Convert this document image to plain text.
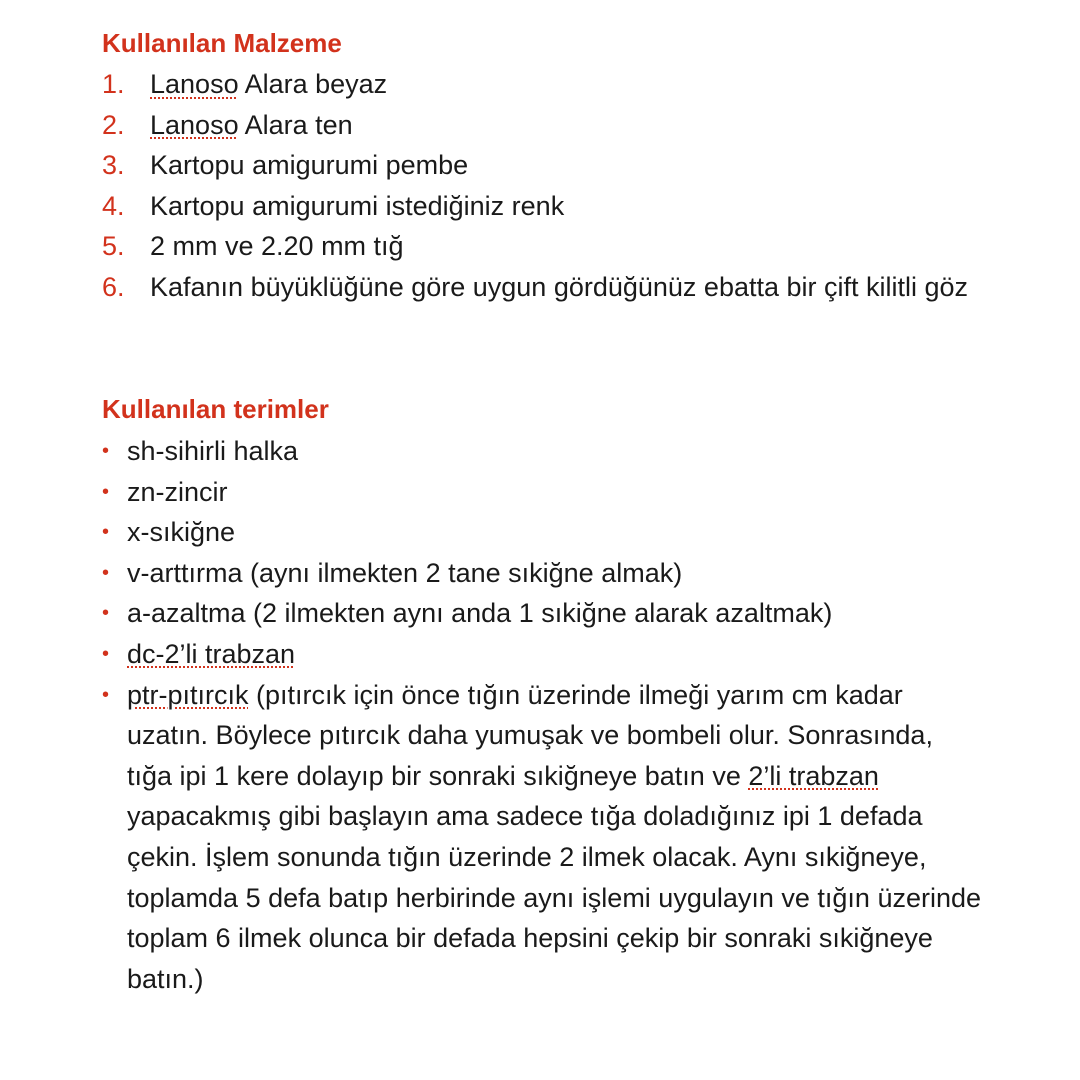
Kullanılan Malzeme
1. Lanoso Alara beyaz
2. Lanoso Alara ten
3. Kartopu amigurumi pembe
4. Kartopu amigurumi istediğiniz renk
5. 2 mm ve 2.20 mm tığ
6. Kafanın büyüklüğüne göre uygun gördüğünüz ebatta bir çift kilitli göz
Kullanılan terimler
• sh-sihirli halka
• zn-zincir
• x-sıkiğne
• v-arttırma (aynı ilmekten 2 tane sıkiğne almak)
• a-azaltma (2 ilmekten aynı anda 1 sıkiğne alarak azaltmak)
• dc-2’li trabzan
• ptr-pıtırcık (pıtırcık için önce tığın üzerinde ilmeği yarım cm kadar uzatın. Böylece pıtırcık daha yumuşak ve bombeli olur. Sonrasında, tığa ipi 1 kere dolayıp bir sonraki sıkiğneye batın ve 2’li trabzan yapacakmış gibi başlayın ama sadece tığa doladığınız ipi 1 defada çekin. İşlem sonunda tığın üzerinde 2 ilmek olacak. Aynı sıkiğneye, toplamda 5 defa batıp herbirinde aynı işlemi uygulayın ve tığın üzerinde toplam 6 ilmek olunca bir defada hepsini çekip bir sonraki sıkiğneye batın.)
